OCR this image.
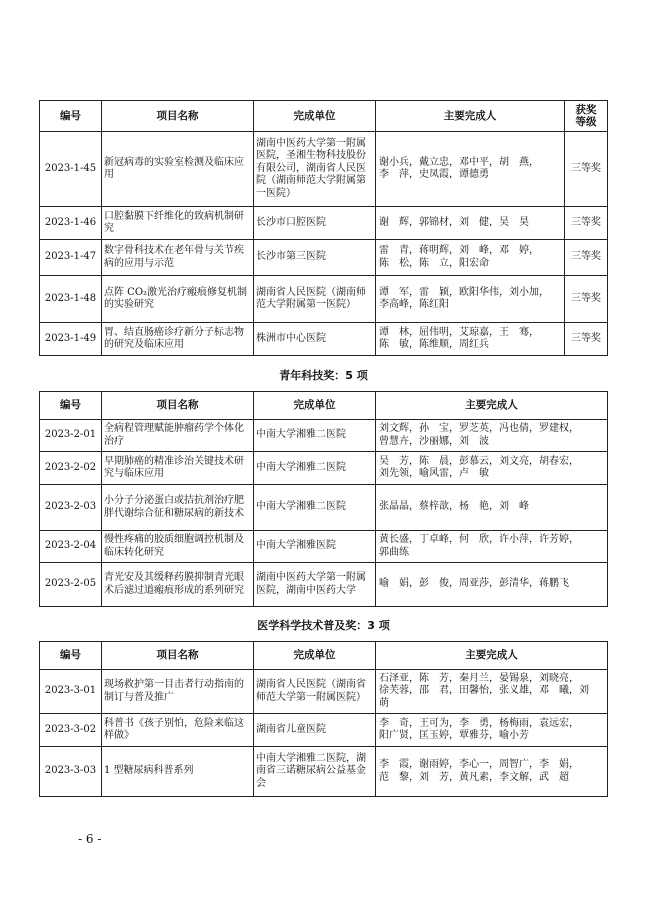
编号	项目名称	完成单位	主要完成人	获奖
等级
2023-1-45	新冠病毒的实验室检测及临床应用	湖南中医药大学第一附属医院，圣湘生物科技股份有限公司，湖南省人民医院（湖南师范大学附属第一医院）	谢小兵，戴立忠，邓中平，胡　燕，
李　萍，史凤霞，谭德勇	三等奖
2023-1-46	口腔黏膜下纤维化的致病机制研究	长沙市口腔医院	谢　辉，郭锦材，刘　健，吴　昊	三等奖
2023-1-47	数字骨科技术在老年骨与关节疾病的应用与示范	长沙市第三医院	雷　青，蒋明辉，刘　峰，邓　婷，
陈　松，陈　立，阳宏命	三等奖
2023-1-48	点阵 CO₂激光治疗瘢痕修复机制的实验研究	湖南省人民医院（湖南师范大学附属第一医院）	谭　军，雷　颖，欧阳华伟，刘小加，
李高峰，陈红阳	三等奖
2023-1-49	胃、结直肠癌诊疗新分子标志物的研究及临床应用	株洲市中心医院	谭　林，屈伟明，艾琼嘉，王　骞，
陈　敏，陈维顺，周红兵	三等奖
青年科技奖：5 项
编号	项目名称	完成单位	主要完成人
2023-2-01	全病程管理赋能肿瘤药学个体化治疗	中南大学湘雅二医院	刘文辉，孙　宝，罗芝英，冯也倩，罗建权，
曾慧卉，沙丽娜，刘　波
2023-2-02	早期肺癌的精准诊治关键技术研究与临床应用	中南大学湘雅二医院	吴　芳，陈　晨，彭慕云，刘文亮，胡春宏，
刘先领，喻风雷，卢　敏
2023-2-03	小分子分泌蛋白或拮抗剂治疗肥胖代谢综合征和糖尿病的新技术	中南大学湘雅二医院	张晶晶，蔡梓歆，杨　艳，刘　峰
2023-2-04	慢性疼痛的胶质细胞调控机制及临床转化研究	中南大学湘雅医院	黄长盛，丁卓峰，何　欣，许小萍，许芳婷，
郭曲练
2023-2-05	青光安及其缓释药膜抑制青光眼术后滤过道瘢痕形成的系列研究	湖南中医药大学第一附属医院，湖南中医药大学	喻　娟，彭　俊，周亚莎，彭清华，蒋鹏飞
医学科学技术普及奖：3 项
编号	项目名称	完成单位	主要完成人
2023-3-01	现场救护第一目击者行动指南的制订与普及推广	湖南省人民医院（湖南省师范大学第一附属医院）	石泽亚，陈　芳，秦月兰，晏锡泉，刘晓亮，
徐芙蓉，邵　君，田馨怡，张义雄，邓　曦，刘　萌
2023-3-02	科普书《孩子别怕，危险来临这样做》	湖南省儿童医院	李　奇，王可为，李　勇，杨梅雨，袁远宏，
阳广贤，匡玉婷，覃雅芬，喻小芳
2023-3-03	1 型糖尿病科普系列	中南大学湘雅二医院，湖南省三诺糖尿病公益基金会	李　霞，谢雨婷，李心一，周智广，李　娟，
范　黎，刘　芳，黄凡素，李文解，武　超
- 6 -
